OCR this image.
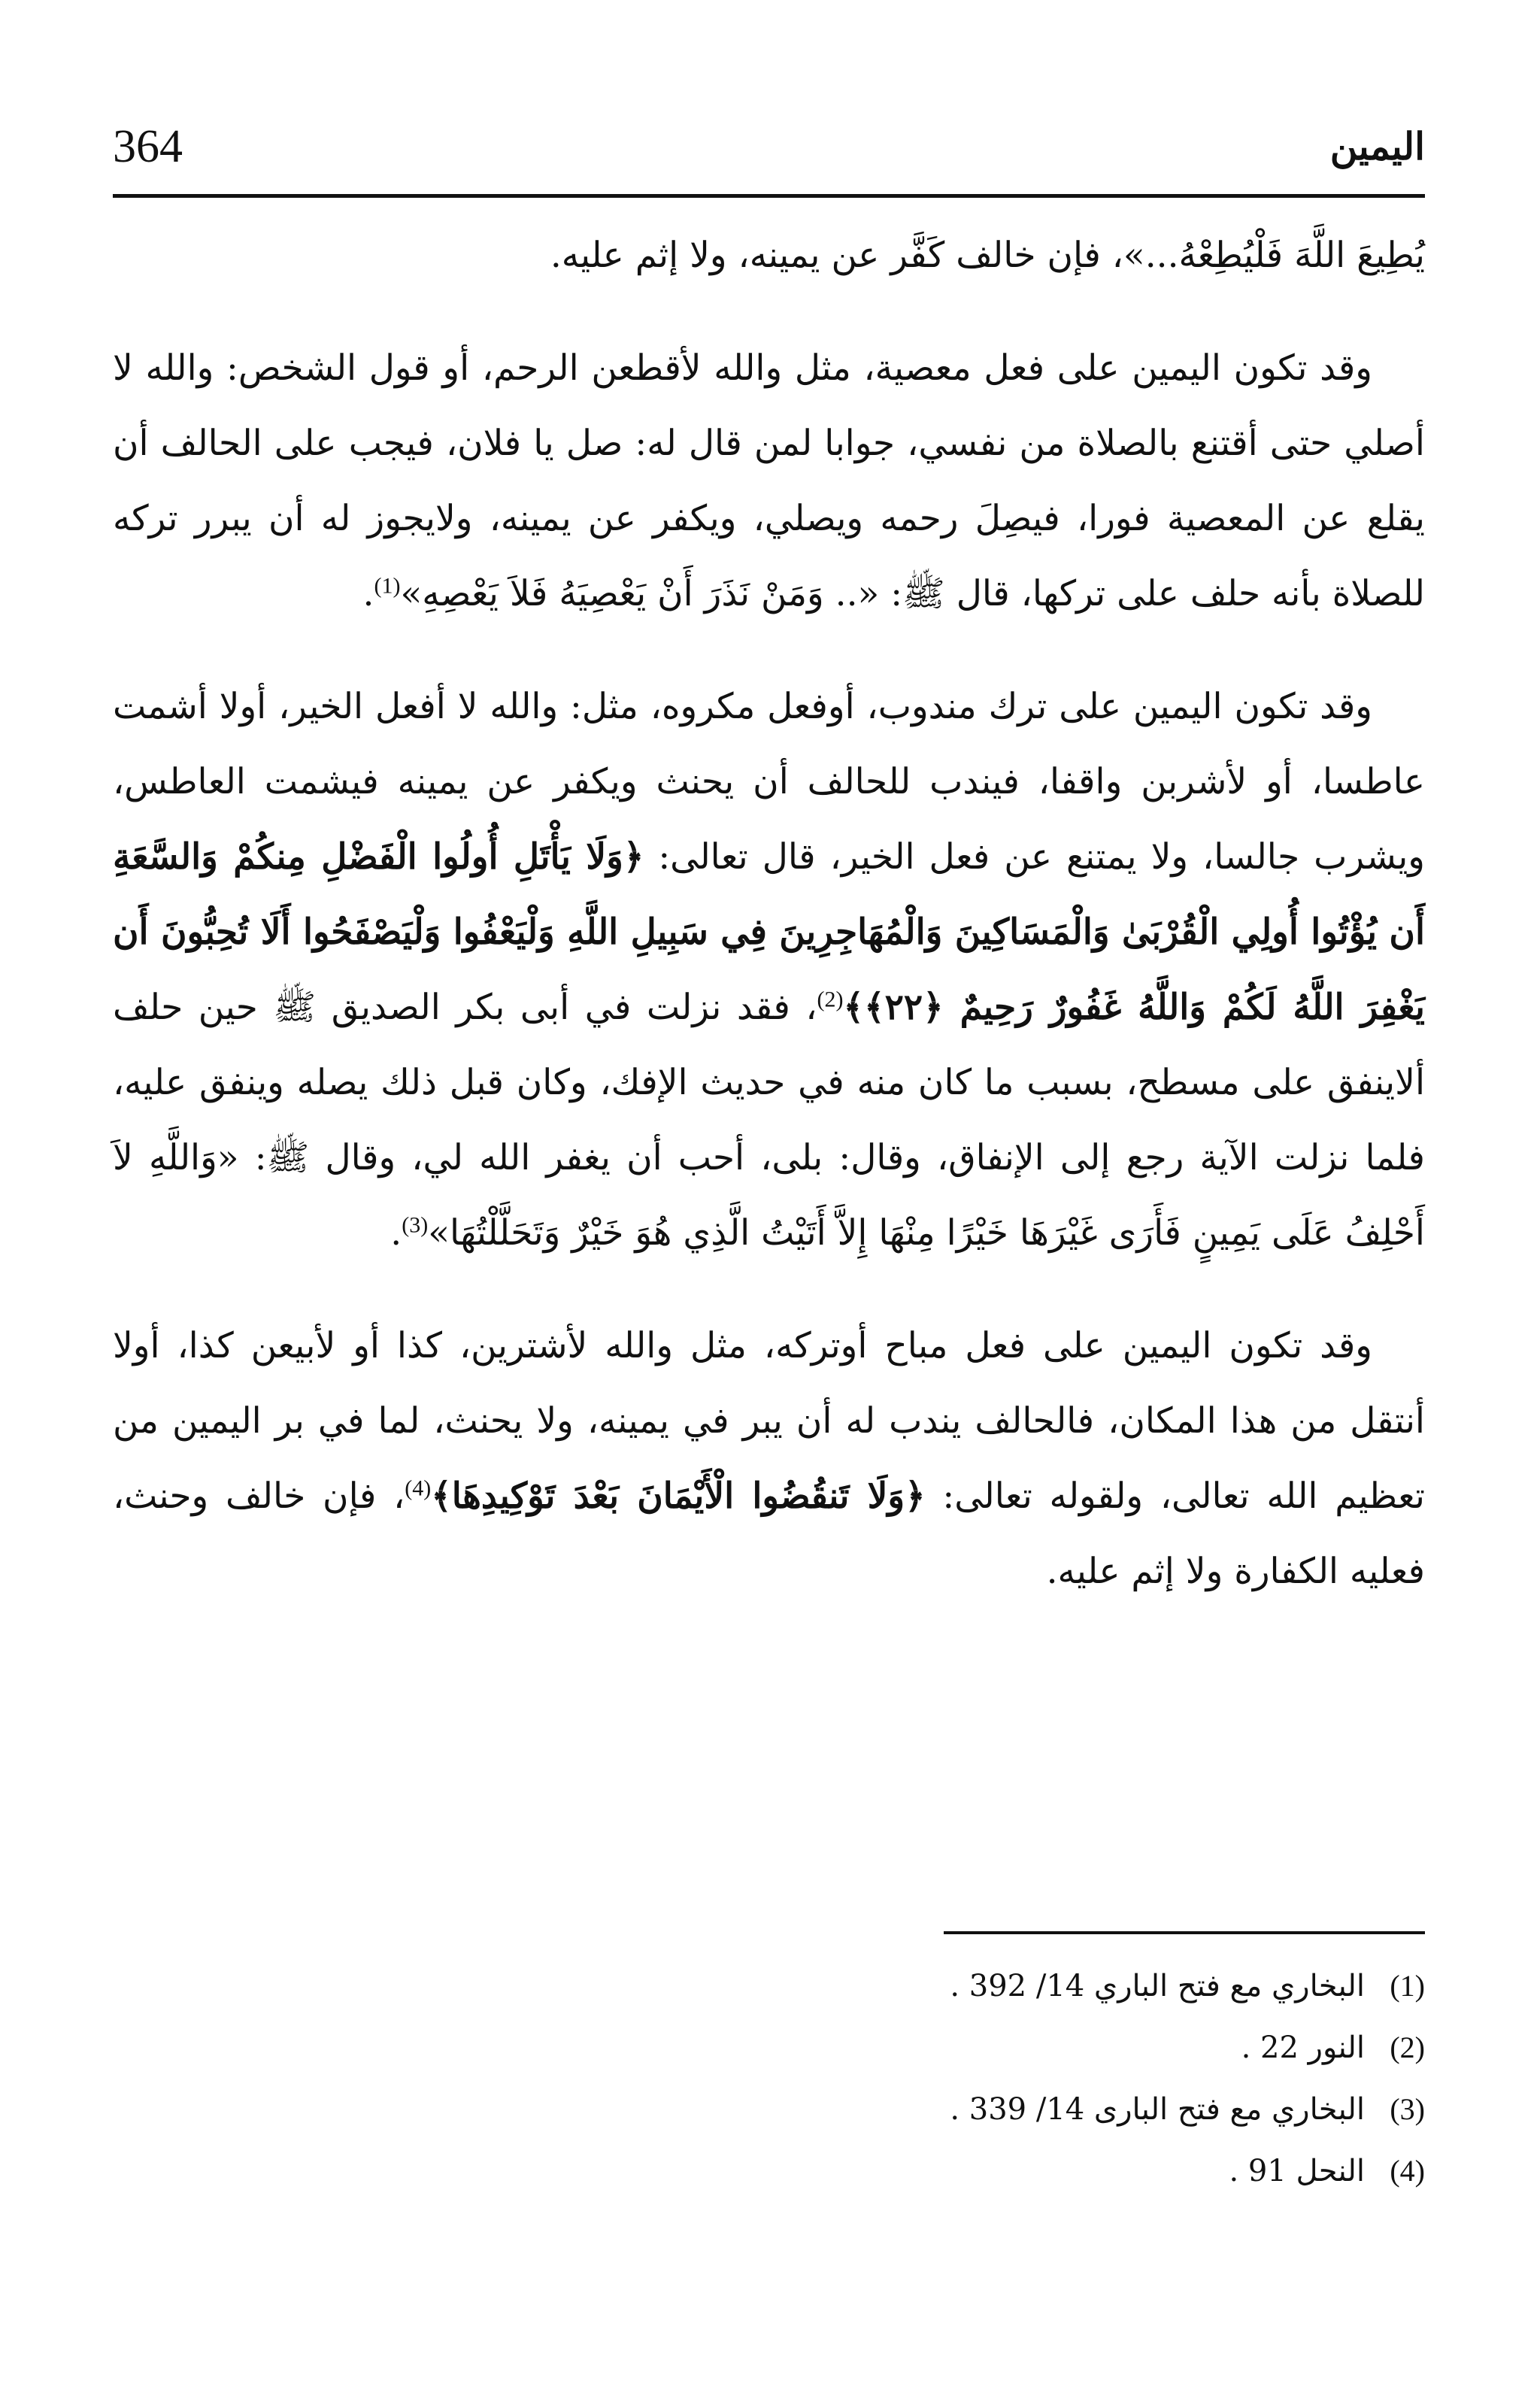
364	اليمين

يُطِيعَ اللَّهَ فَلْيُطِعْهُ...»، فإن خالف كَفَّر عن يمينه، ولا إثم عليه.

وقد تكون اليمين على فعل معصية، مثل والله لأقطعن الرحم، أو قول الشخص: والله لا أصلي حتى أقتنع بالصلاة من نفسي، جوابا لمن قال له: صل يا فلان، فيجب على الحالف أن يقلع عن المعصية فورا، فيصِلَ رحمه ويصلي، ويكفر عن يمينه، ولايجوز له أن يبرر تركه للصلاة بأنه حلف على تركها، قال ﷺ: «.. وَمَنْ نَذَرَ أَنْ يَعْصِيَهُ فَلاَ يَعْصِهِ»$^{(1)}$.

وقد تكون اليمين على ترك مندوب، أوفعل مكروه، مثل: والله لا أفعل الخير، أولا أشمت عاطسا، أو لأشربن واقفا، فيندب للحالف أن يحنث ويكفر عن يمينه فيشمت العاطس، ويشرب جالسا، ولا يمتنع عن فعل الخير، قال تعالى: ﴿وَلَا يَأْتَلِ أُولُوا الْفَضْلِ مِنكُمْ وَالسَّعَةِ أَن يُؤْتُوا أُولِي الْقُرْبَىٰ وَالْمَسَاكِينَ وَالْمُهَاجِرِينَ فِي سَبِيلِ اللَّهِ وَلْيَعْفُوا وَلْيَصْفَحُوا أَلَا تُحِبُّونَ أَن يَغْفِرَ اللَّهُ لَكُمْ وَاللَّهُ غَفُورٌ رَحِيمٌ ﴿٢٢﴾﴾$^{(2)}$، فقد نزلت في أبى بكر الصديق ﷺ حين حلف ألاينفق على مسطح، بسبب ما كان منه في حديث الإفك، وكان قبل ذلك يصله وينفق عليه، فلما نزلت الآية رجع إلى الإنفاق، وقال: بلى، أحب أن يغفر الله لي، وقال ﷺ: «وَاللَّهِ لاَ أَحْلِفُ عَلَى يَمِينٍ فَأَرَى غَيْرَهَا خَيْرًا مِنْهَا إِلاَّ أَتَيْتُ الَّذِي هُوَ خَيْرٌ وَتَحَلَّلْتُهَا»$^{(3)}$.

وقد تكون اليمين على فعل مباح أوتركه، مثل والله لأشترين، كذا أو لأبيعن كذا، أولا أنتقل من هذا المكان، فالحالف يندب له أن يبر في يمينه، ولا يحنث، لما في بر اليمين من تعظيم الله تعالى، ولقوله تعالى: ﴿وَلَا تَنقُضُوا الْأَيْمَانَ بَعْدَ تَوْكِيدِهَا﴾$^{(4)}$، فإن خالف وحنث، فعليه الكفارة ولا إثم عليه.

(1)البخاري مع فتح الباري 14/ 392 .
(2)النور 22 .
(3)البخاري مع فتح البارى 14/ 339 .
(4)النحل 91 .
